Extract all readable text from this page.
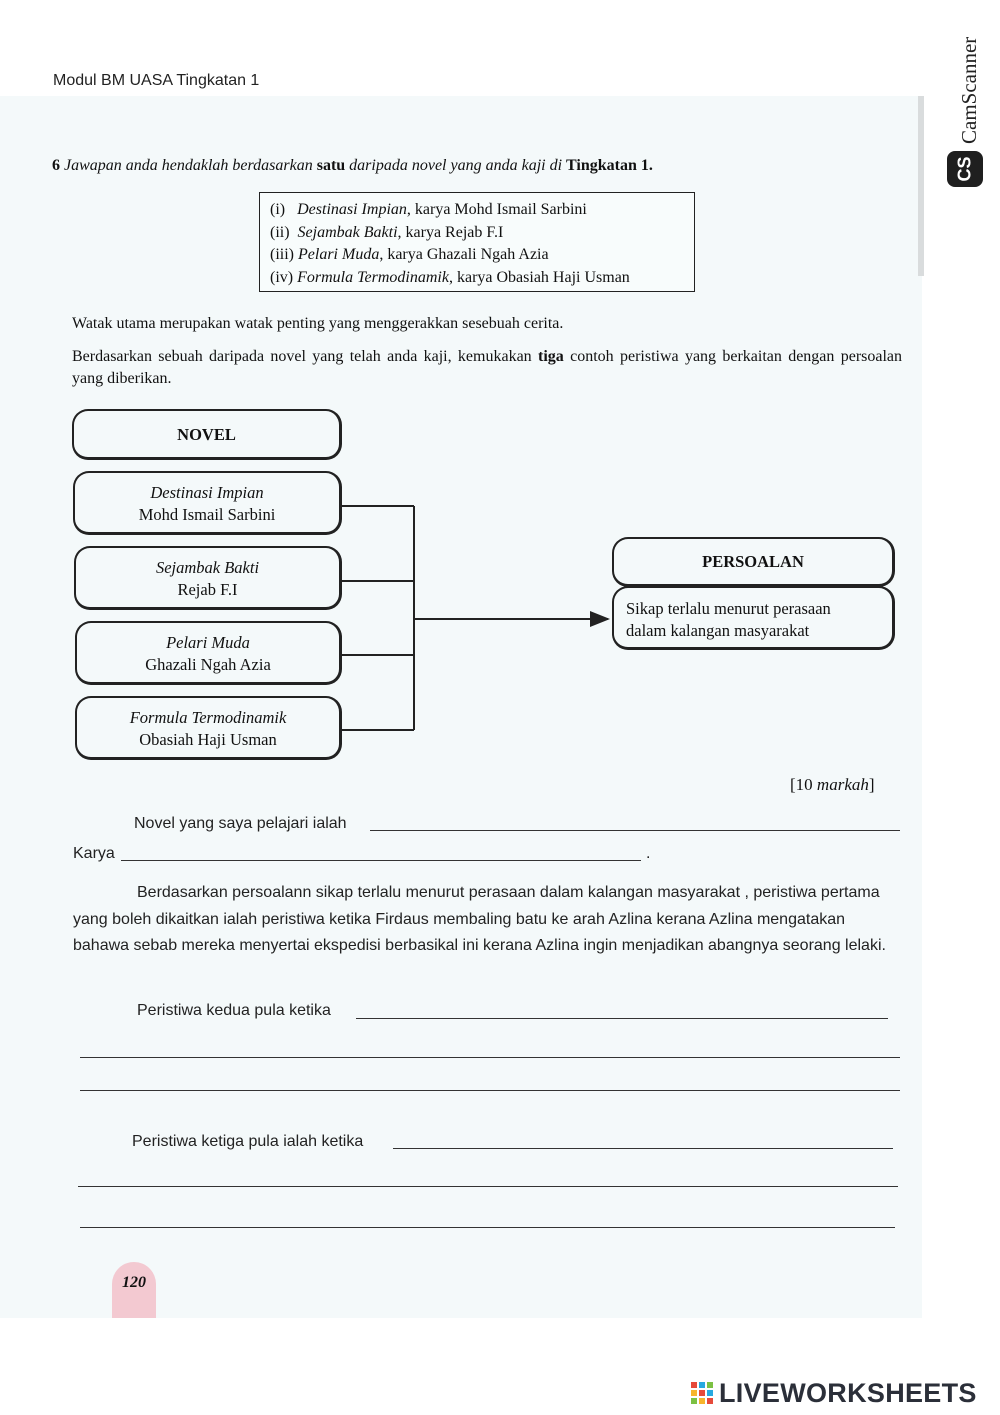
Modul BM UASA Tingkatan 1
6 Jawapan anda hendaklah berdasarkan satu daripada novel yang anda kaji di Tingkatan 1.
(i) Destinasi Impian, karya Mohd Ismail Sarbini
(ii) Sejambak Bakti, karya Rejab F.I
(iii) Pelari Muda, karya Ghazali Ngah Azia
(iv) Formula Termodinamik, karya Obasiah Haji Usman
Watak utama merupakan watak penting yang menggerakkan sesebuah cerita.
Berdasarkan sebuah daripada novel yang telah anda kaji, kemukakan tiga contoh peristiwa yang berkaitan dengan persoalan yang diberikan.
NOVEL
Destinasi Impian
Mohd Ismail Sarbini
Sejambak Bakti
Rejab F.I
Pelari Muda
Ghazali Ngah Azia
Formula Termodinamik
Obasiah Haji Usman
PERSOALAN
Sikap terlalu menurut perasaan
dalam kalangan masyarakat
[10 markah]
Novel yang saya pelajari ialah
Karya	.
Berdasarkan persoalann sikap terlalu menurut perasaan dalam kalangan masyarakat , peristiwa pertama yang boleh dikaitkan ialah peristiwa ketika Firdaus membaling batu ke arah Azlina kerana Azlina mengatakan bahawa sebab mereka menyertai ekspedisi berbasikal ini kerana Azlina ingin menjadikan abangnya seorang lelaki.
Peristiwa kedua pula ketika
Peristiwa ketiga pula ialah ketika
120
CamScanner
CS
LIVEWORKSHEETS
